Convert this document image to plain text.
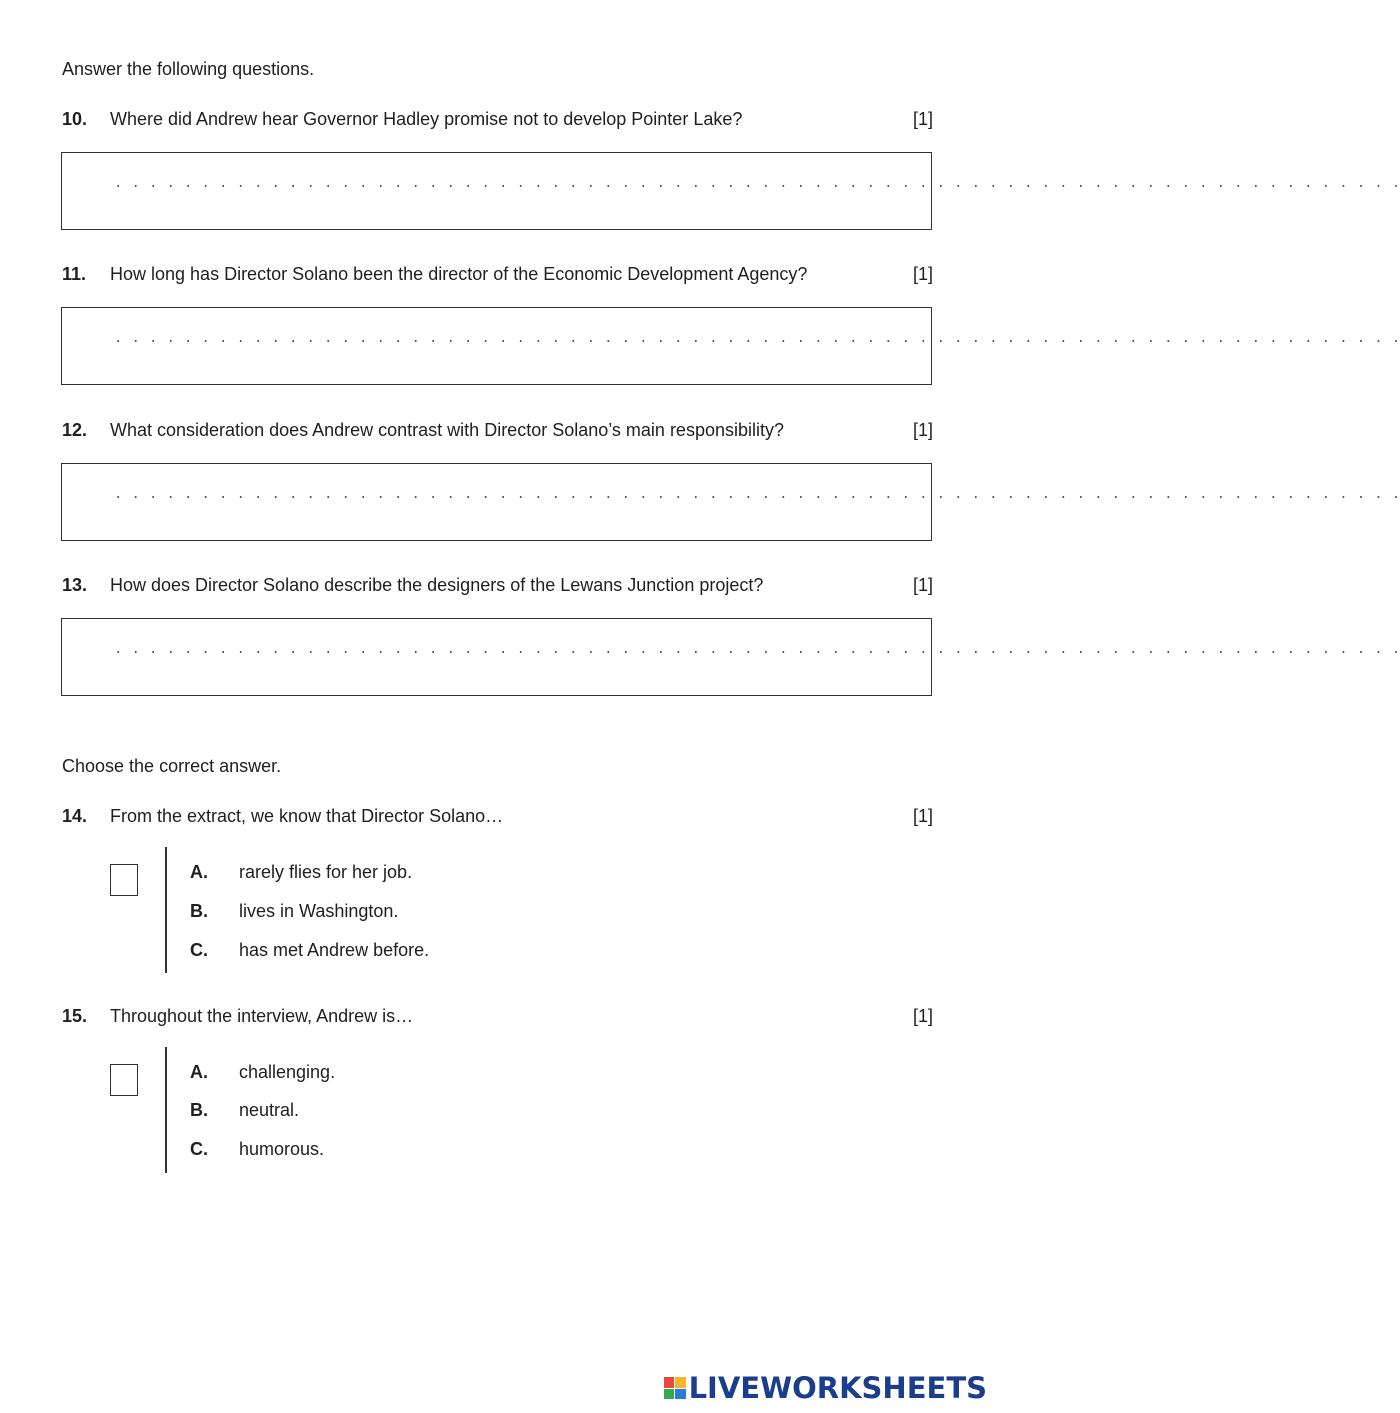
Answer the following questions.
10. Where did Andrew hear Governor Hadley promise not to develop Pointer Lake?	[1]
. . . . . . . . . . . . . . . . . . . . . . . . . . . . . . . . . . . . . . . . . . . . . . . . . . . . . . . . . . . . . . . . . . . . . . . . . .
11. How long has Director Solano been the director of the Economic Development Agency?	[1]
. . . . . . . . . . . . . . . . . . . . . . . . . . . . . . . . . . . . . . . . . . . . . . . . . . . . . . . . . . . . . . . . . . . . . . . . . .
12. What consideration does Andrew contrast with Director Solano’s main responsibility?	[1]
. . . . . . . . . . . . . . . . . . . . . . . . . . . . . . . . . . . . . . . . . . . . . . . . . . . . . . . . . . . . . . . . . . . . . . . . . .
13. How does Director Solano describe the designers of the Lewans Junction project?	[1]
. . . . . . . . . . . . . . . . . . . . . . . . . . . . . . . . . . . . . . . . . . . . . . . . . . . . . . . . . . . . . . . . . . . . . . . . . .
Choose the correct answer.
14. From the extract, we know that Director Solano…	[1]
A. rarely flies for her job.
B. lives in Washington.
C. has met Andrew before.
15. Throughout the interview, Andrew is…	[1]
A. challenging.
B. neutral.
C. humorous.
LIVEWORKSHEETS
